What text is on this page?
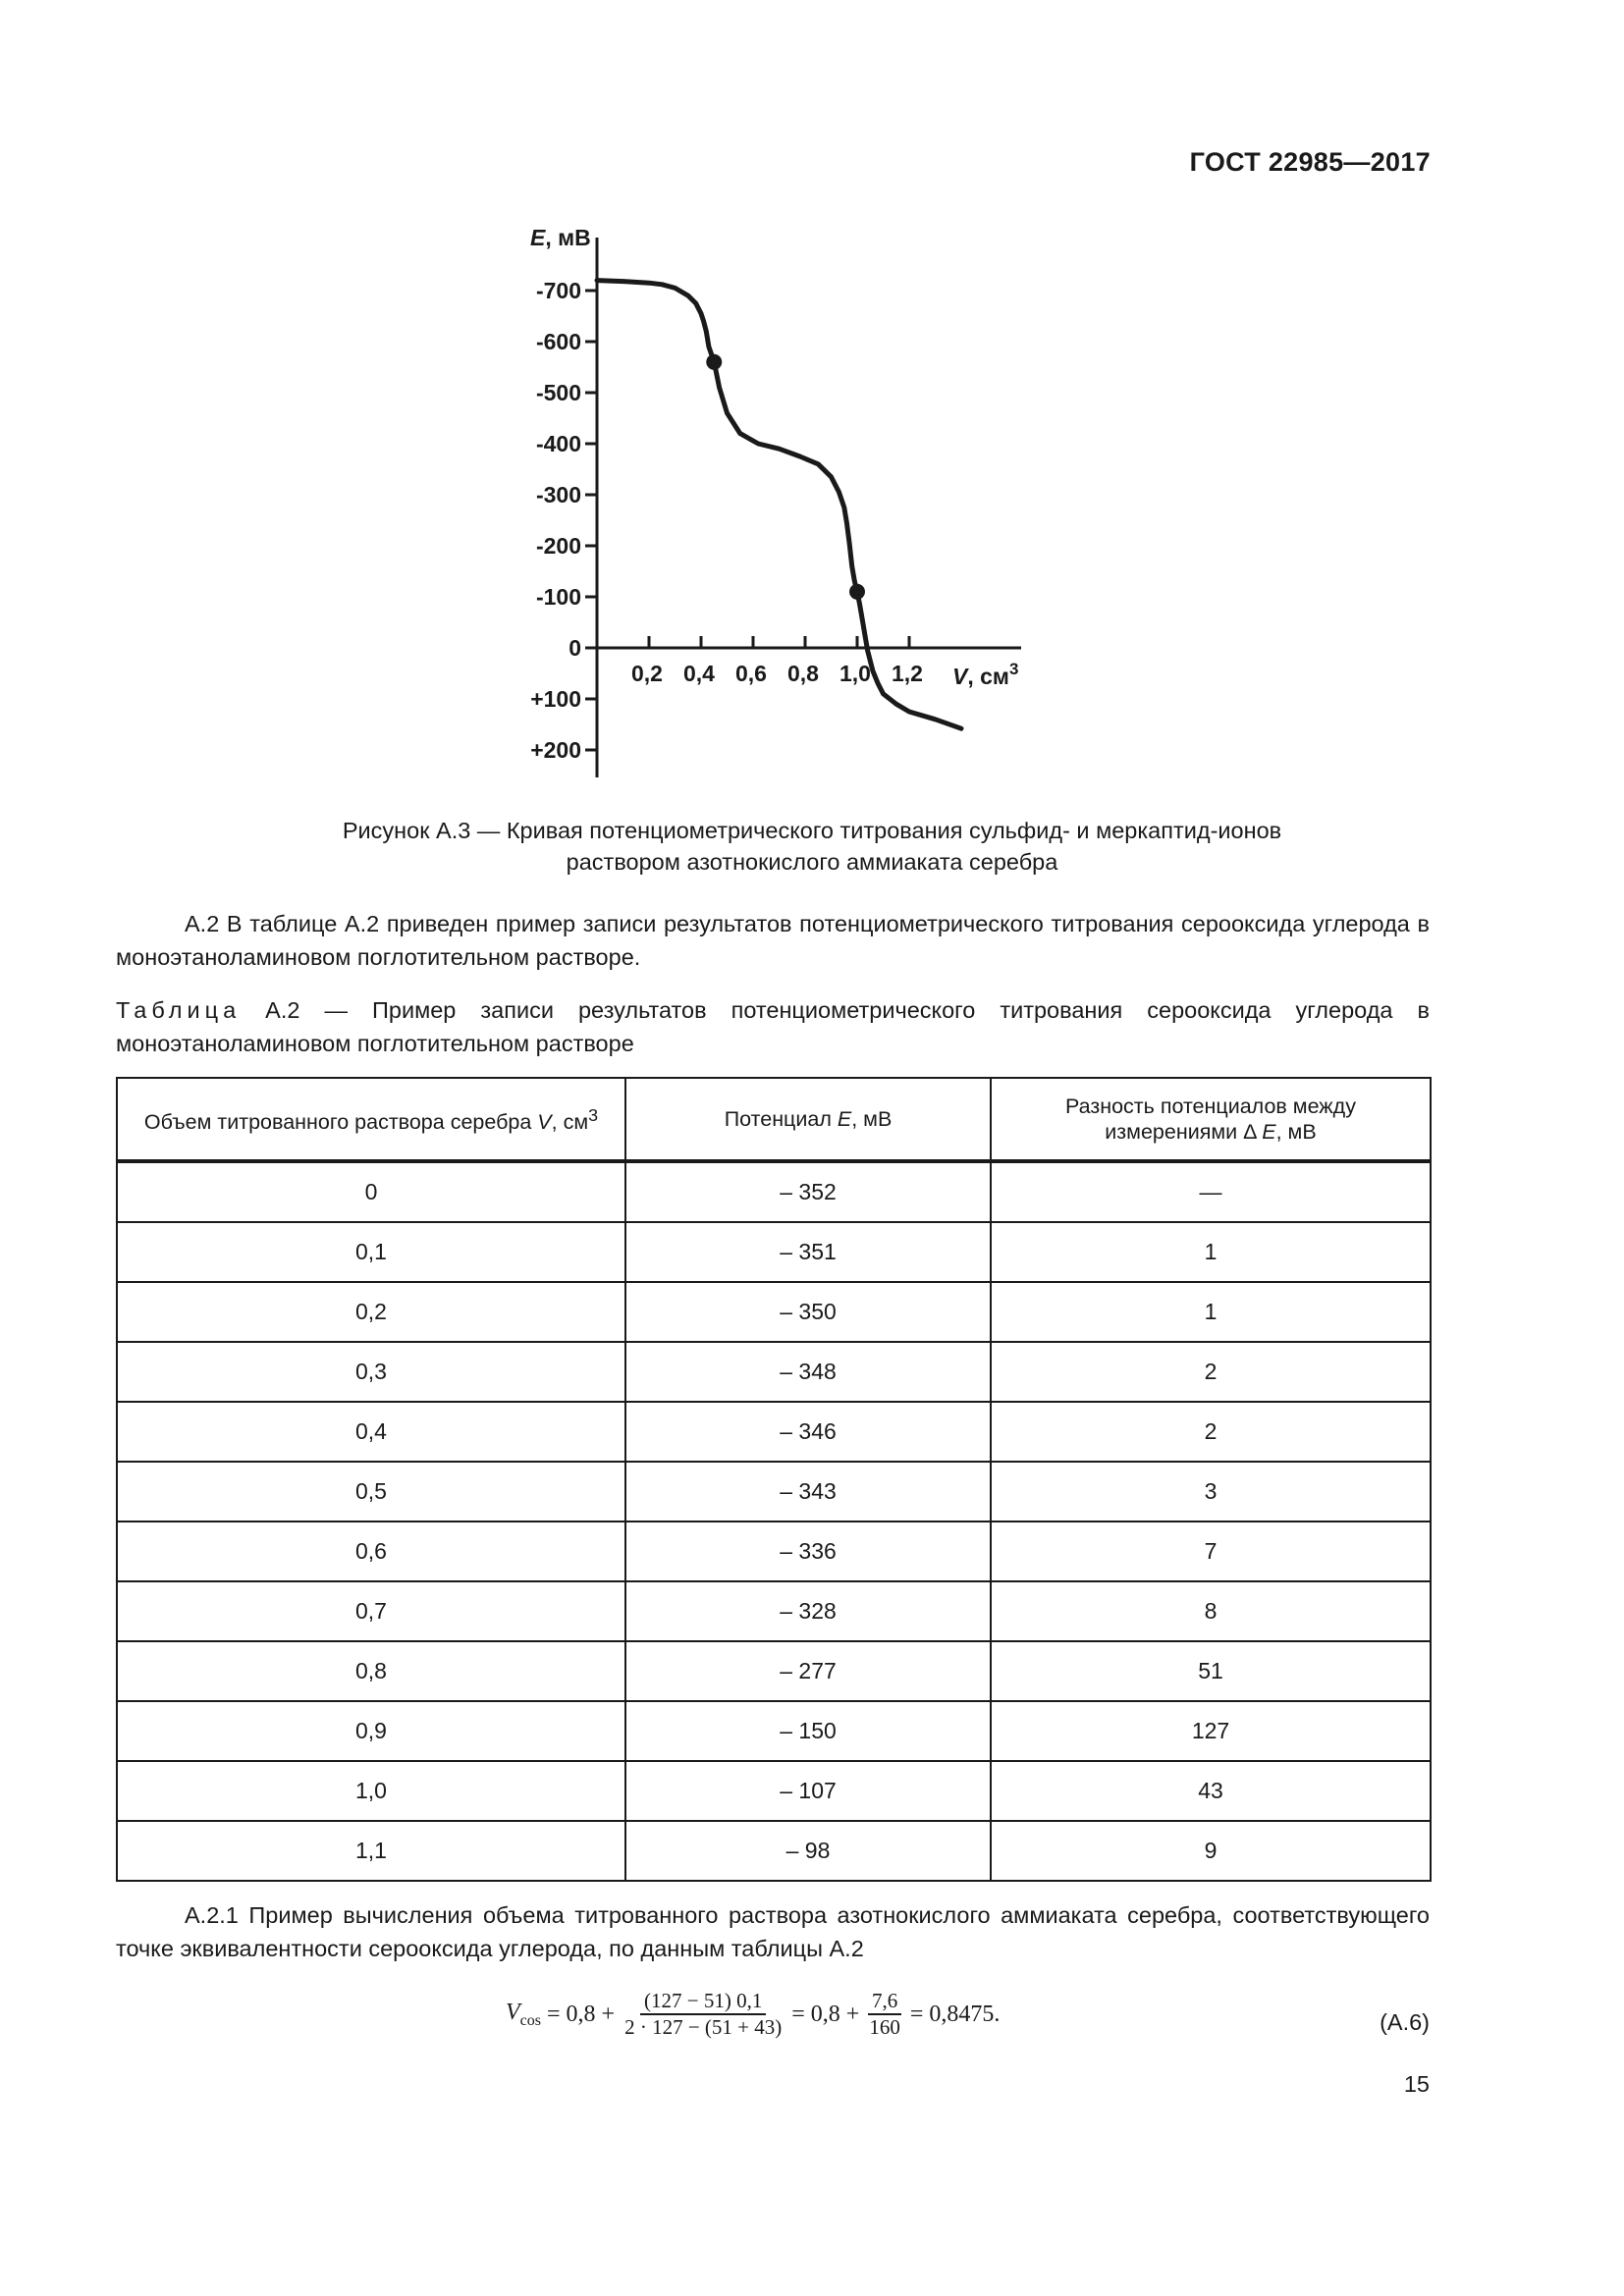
ГОСТ 22985—2017
E, мВ
V, $см^3$
-700
-600
-500
-400
-300
-200
-100
0
+100
+200
0,2 0,4 0,6 0,8 1,0 1,2
Рисунок А.3 — Кривая потенциометрического титрования сульфид- и меркаптид-ионов
раствором азотнокислого аммиаката серебра
А.2 В таблице А.2 приведен пример записи результатов потенциометрического титрования серооксида углерода в моноэтаноламиновом поглотительном растворе.
Таблица А.2 — Пример записи результатов потенциометрического титрования серооксида углерода в моноэтаноламиновом поглотительном растворе
Объем титрованного раствора серебра V, $см^3$	Потенциал E, мВ	Разность потенциалов между
измерениями Δ E, мВ
0	– 352	—
0,1	– 351	1
0,2	– 350	1
0,3	– 348	2
0,4	– 346	2
0,5	– 343	3
0,6	– 336	7
0,7	– 328	8
0,8	– 277	51
0,9	– 150	127
1,0	– 107	43
1,1	– 98	9
А.2.1 Пример вычисления объема титрованного раствора азотнокислого аммиаката серебра, соответствующего точке эквивалентности серооксида углерода, по данным таблицы А.2
$V_{cos} = 0,8 + \frac{(127 - 51) 0,1}{2 \cdot 127 - (51 + 43)} = 0,8 + \frac{7,6}{160} = 0,8475$.	(А.6)
15
